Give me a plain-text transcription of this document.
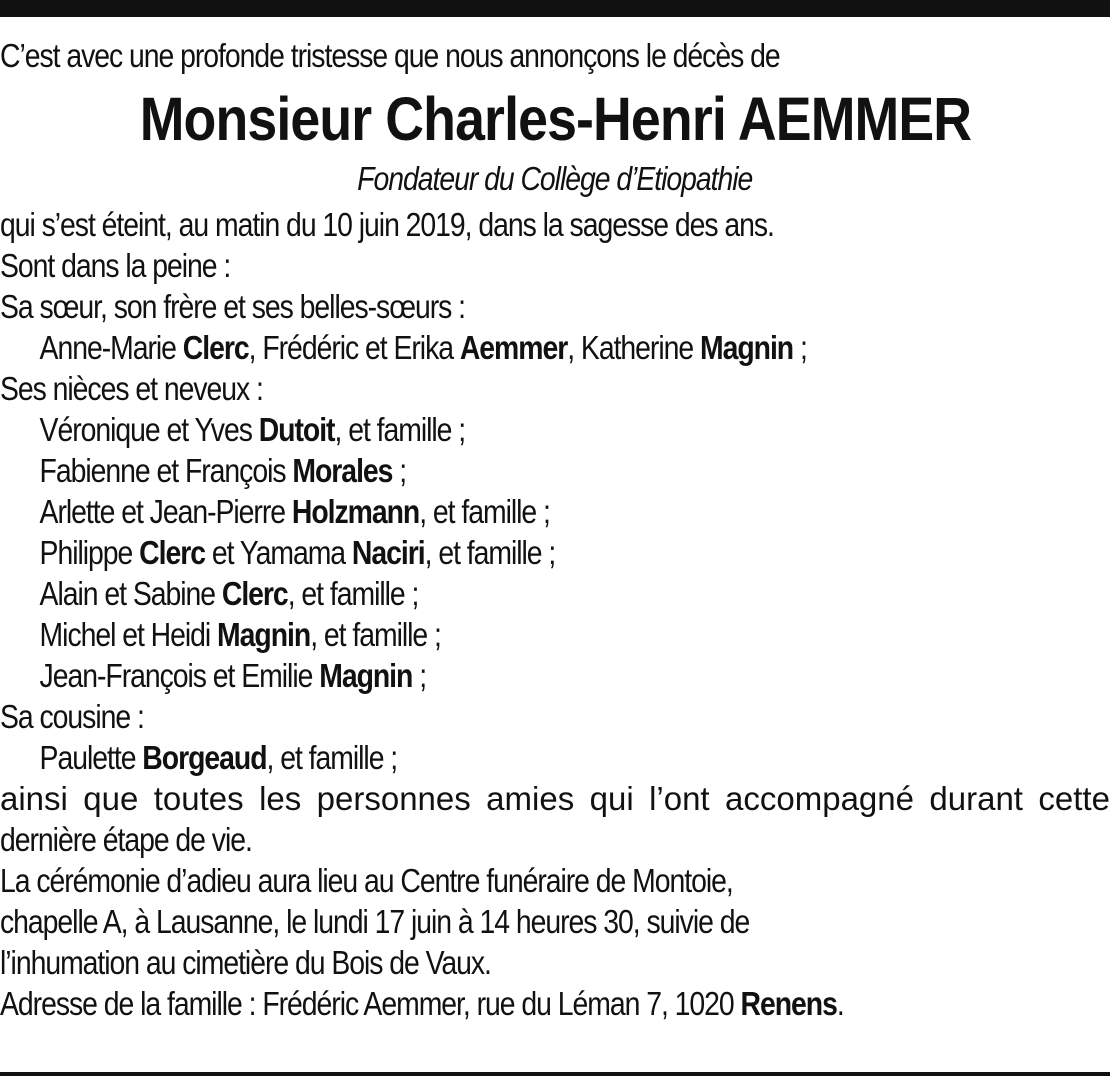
C’est avec une profonde tristesse que nous annonçons le décès de
Monsieur Charles-Henri AEMMER
Fondateur du Collège d’Etiopathie
qui s’est éteint, au matin du 10 juin 2019, dans la sagesse des ans.
Sont dans la peine :
Sa sœur, son frère et ses belles-sœurs :
Anne-Marie Clerc, Frédéric et Erika Aemmer, Katherine Magnin ;
Ses nièces et neveux :
Véronique et Yves Dutoit, et famille ;
Fabienne et François Morales ;
Arlette et Jean-Pierre Holzmann, et famille ;
Philippe Clerc et Yamama Naciri, et famille ;
Alain et Sabine Clerc, et famille ;
Michel et Heidi Magnin, et famille ;
Jean-François et Emilie Magnin ;
Sa cousine :
Paulette Borgeaud, et famille ;
ainsi que toutes les personnes amies qui l’ont accompagné durant cette
dernière étape de vie.
La cérémonie d’adieu aura lieu au Centre funéraire de Montoie,
chapelle A, à Lausanne, le lundi 17 juin à 14 heures 30, suivie de
l’inhumation au cimetière du Bois de Vaux.
Adresse de la famille : Frédéric Aemmer, rue du Léman 7, 1020 Renens.
